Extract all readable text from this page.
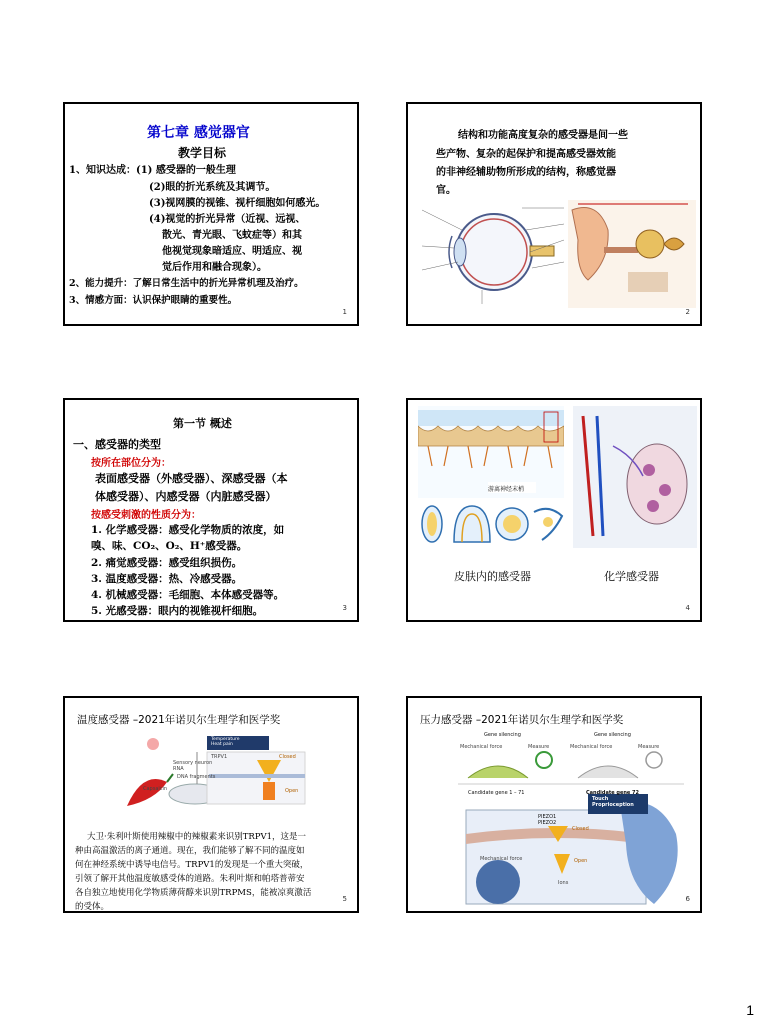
第七章 感觉器官
教学目标
1、知识达成：(1) 感受器的一般生理
(2)眼的折光系统及其调节。
(3)视网膜的视锥、视杆细胞如何感光。
(4)视觉的折光异常（近视、远视、
散光、青光眼、飞蚊症等）和其
他视觉现象暗适应、明适应、视
觉后作用和融合现象）。
2、能力提升：了解日常生活中的折光异常机理及治疗。
3、情感方面：认识保护眼睛的重要性。
1
结构和功能高度复杂的感受器是间一些
些产物、复杂的起保护和提高感受器效能
的非神经辅助物所形成的结构，称感觉器
官。
2
第一节 概述
一、感受器的类型
按所在部位分为：
表面感受器（外感受器）、深感受器（本
体感受器）、内感受器（内脏感受器）
按感受刺激的性质分为：
1. 化学感受器：感受化学物质的浓度，如
嗅、味、CO₂、O₂、H⁺感受器。
2. 痛觉感受器：感受组织损伤。
3. 温度感受器：热、冷感受器。
4. 机械感受器：毛细胞、本体感受器等。
5. 光感受器：眼内的视锥视杆细胞。	3
游离神经末梢
皮肤内的感受器	化学感受器
4
温度感受器 –2021年诺贝尔生理学和医学奖
Temperature
Heat pain
TRPV1	Closed
Open
Sensory neuron
RNA
DNA fragments
Capsaicin
大卫·朱利叶斯使用辣椒中的辣椒素来识别TRPV1，这是一
种由高温激活的离子通道。现在，我们能够了解不同的温度如
何在神经系统中诱导电信号。TRPV1的发现是一个重大突破，
引领了解开其他温度敏感受体的道路。朱利叶斯和帕塔普蒂安
各自独立地使用化学物质薄荷醇来识别TRPMS，能被凉爽激活
的受体。
5
压力感受器 –2021年诺贝尔生理学和医学奖
Gene silencing	Gene silencing
Mechanical force	Measure	Mechanical force	Measure
Candidate gene 1 – 71	Candidate gene 72
PIEZO1
PIEZO2
Closed
Open
Ions
Mechanical force
Touch
Proprioception
6
1
